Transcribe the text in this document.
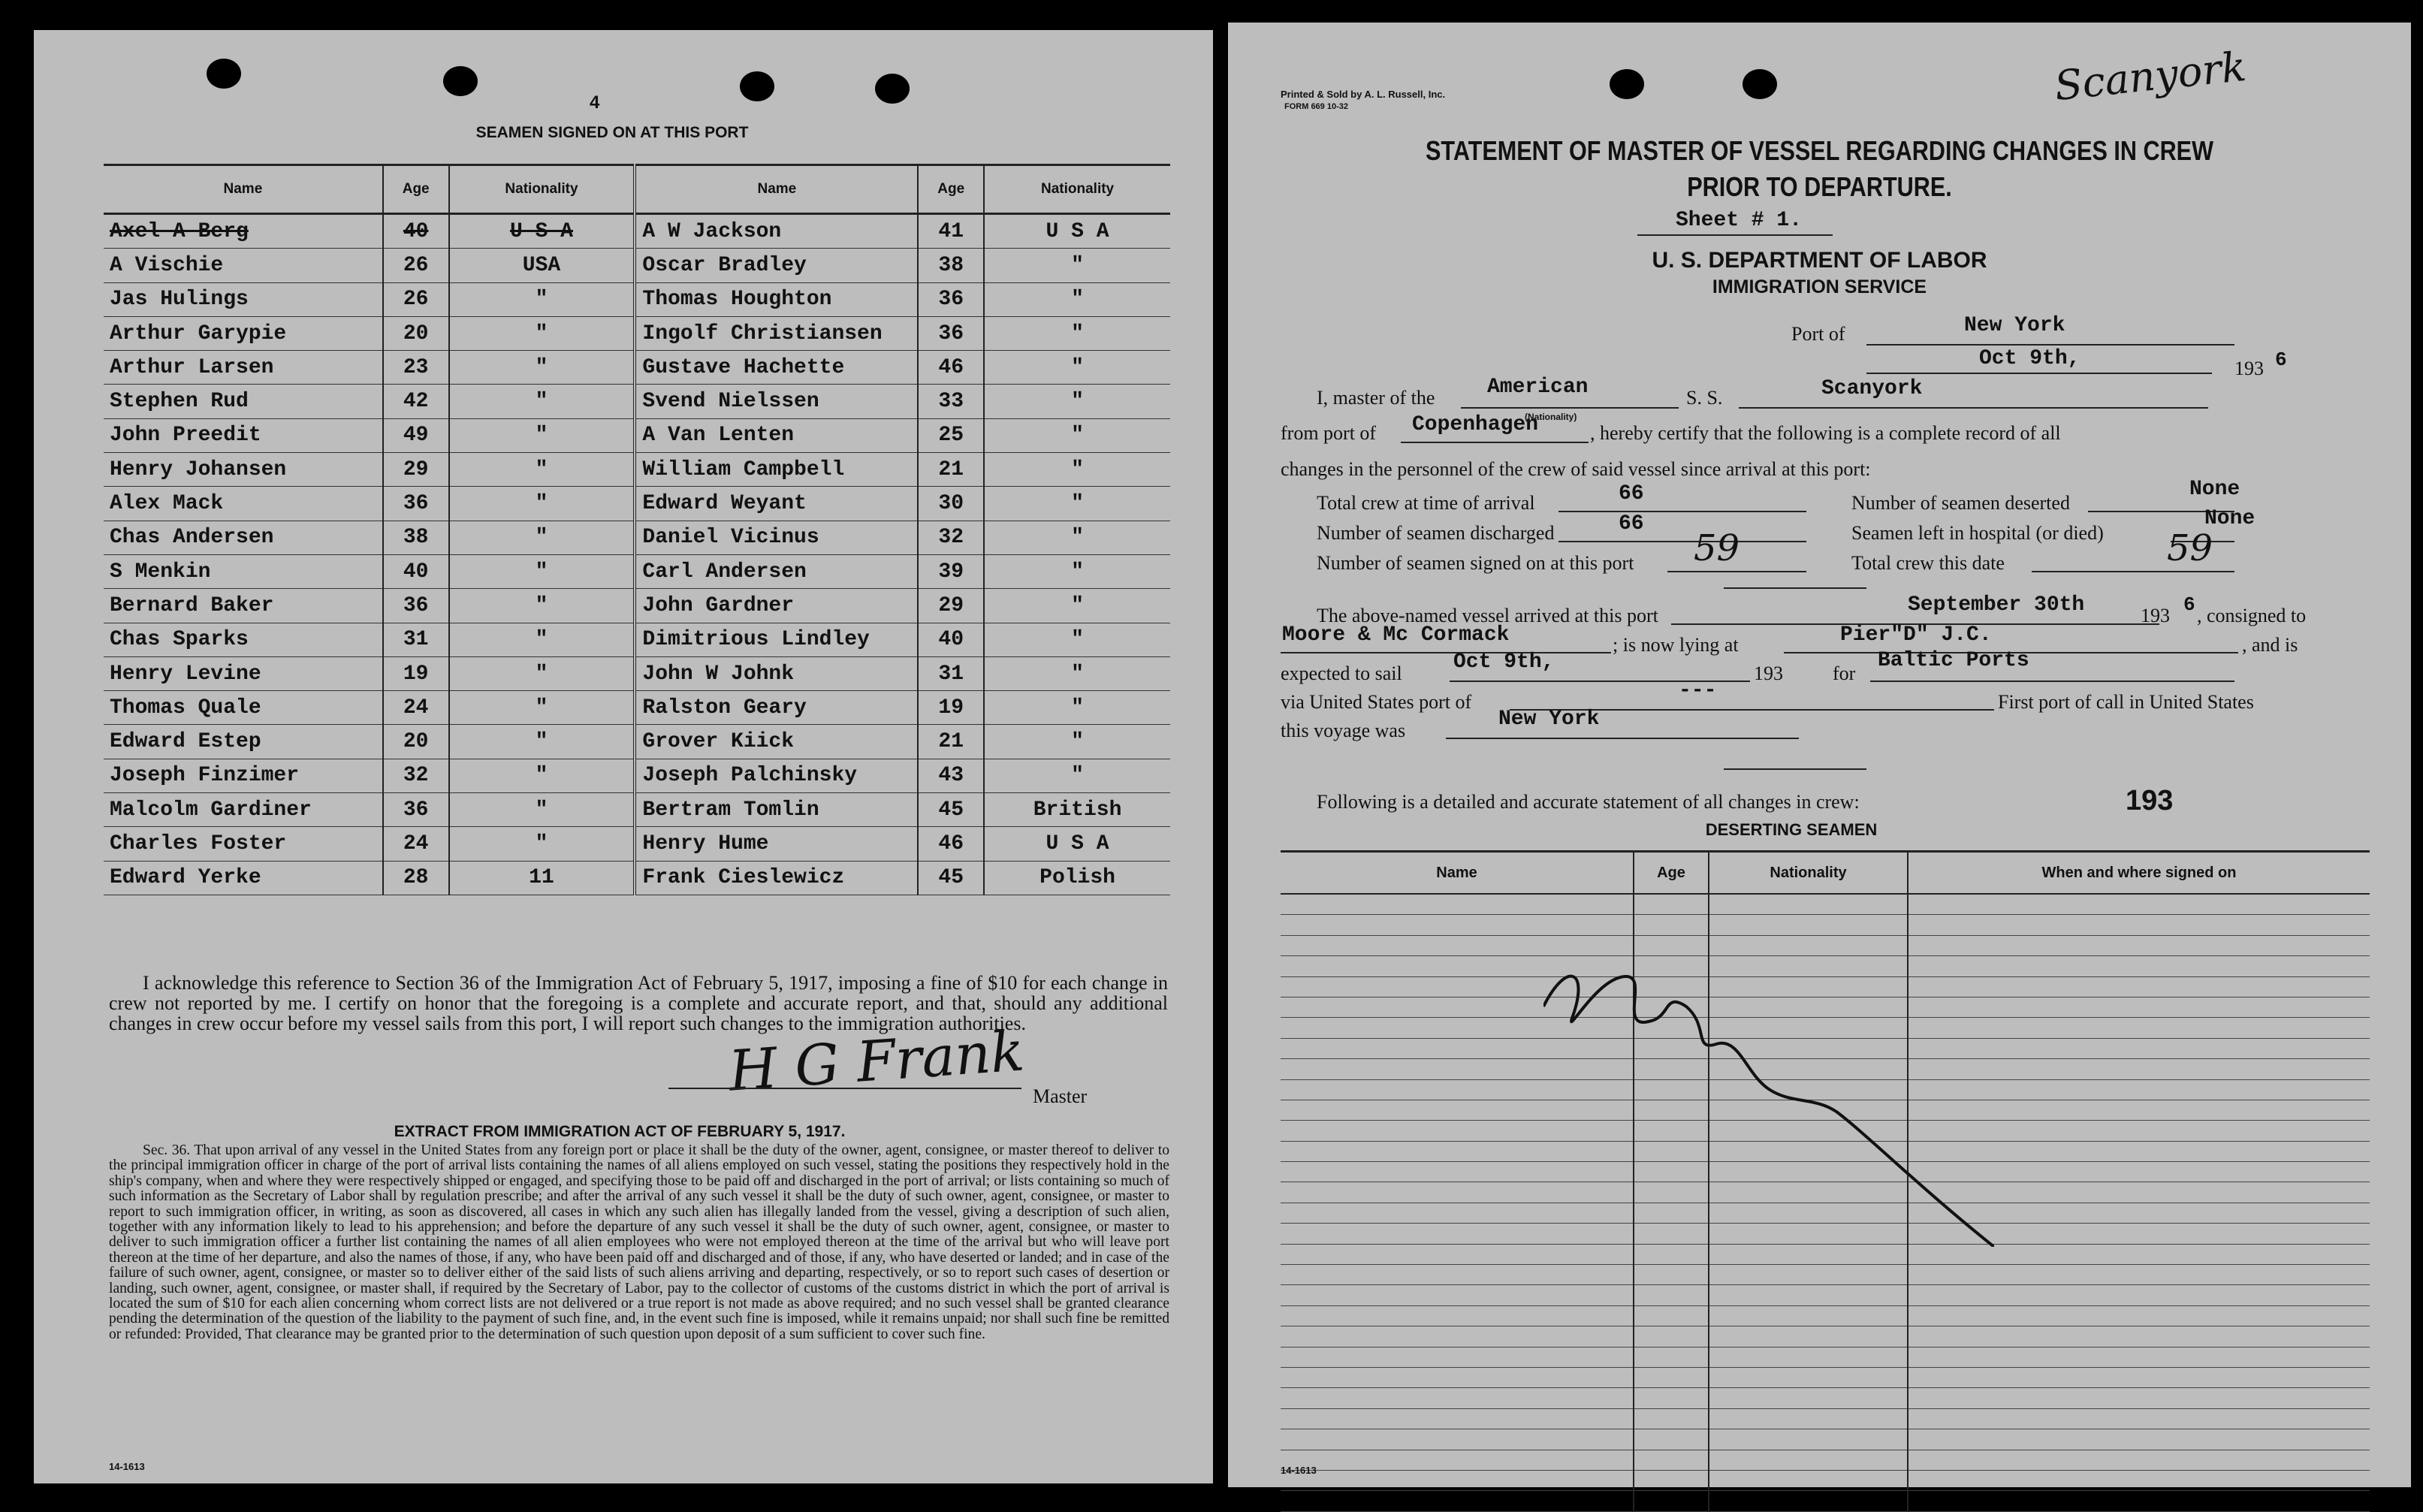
4
SEAMEN SIGNED ON AT THIS PORT
Name	Age	Nationality	Name	Age	Nationality
Axel A Berg	40	U S A	A W Jackson	41	U S A
A Vischie	26	USA	Oscar Bradley	38	"
Jas Hulings	26	"	Thomas Houghton	36	"
Arthur Garypie	20	"	Ingolf Christiansen	36	"
Arthur Larsen	23	"	Gustave Hachette	46	"
Stephen Rud	42	"	Svend Nielssen	33	"
John Preedit	49	"	A Van Lenten	25	"
Henry Johansen	29	"	William Campbell	21	"
Alex Mack	36	"	Edward Weyant	30	"
Chas Andersen	38	"	Daniel Vicinus	32	"
S Menkin	40	"	Carl Andersen	39	"
Bernard Baker	36	"	John Gardner	29	"
Chas Sparks	31	"	Dimitrious Lindley	40	"
Henry Levine	19	"	John W Johnk	31	"
Thomas Quale	24	"	Ralston Geary	19	"
Edward Estep	20	"	Grover Kiick	21	"
Joseph Finzimer	32	"	Joseph Palchinsky	43	"
Malcolm Gardiner	36	"	Bertram Tomlin	45	British
Charles Foster	24	"	Henry Hume	46	U S A
Edward Yerke	28	11	Frank Cieslewicz	45	Polish
I acknowledge this reference to Section 36 of the Immigration Act of February 5, 1917, imposing a fine of $10 for each change in crew not reported by me. I certify on honor that the foregoing is a complete and accurate report, and that, should any additional changes in crew occur before my vessel sails from this port, I will report such changes to the immigration authorities.
H G Frank Master
EXTRACT FROM IMMIGRATION ACT OF FEBRUARY 5, 1917.
Sec. 36. That upon arrival of any vessel in the United States from any foreign port or place it shall be the duty of the owner, agent, consignee, or master thereof to deliver to the principal immigration officer in charge of the port of arrival lists containing the names of all aliens employed on such vessel, stating the positions they respectively hold in the ship's company, when and where they were respectively shipped or engaged, and specifying those to be paid off and discharged in the port of arrival; or lists containing so much of such information as the Secretary of Labor shall by regulation prescribe; and after the arrival of any such vessel it shall be the duty of such owner, agent, consignee, or master to report to such immigration officer, in writing, as soon as discovered, all cases in which any such alien has illegally landed from the vessel, giving a description of such alien, together with any information likely to lead to his apprehension; and before the departure of any such vessel it shall be the duty of such owner, agent, consignee, or master to deliver to such immigration officer a further list containing the names of all alien employees who were not employed thereon at the time of the arrival but who will leave port thereon at the time of her departure, and also the names of those, if any, who have been paid off and discharged and of those, if any, who have deserted or landed; and in case of the failure of such owner, agent, consignee, or master so to deliver either of the said lists of such aliens arriving and departing, respectively, or so to report such cases of desertion or landing, such owner, agent, consignee, or master shall, if required by the Secretary of Labor, pay to the collector of customs of the customs district in which the port of arrival is located the sum of $10 for each alien concerning whom correct lists are not delivered or a true report is not made as above required; and no such vessel shall be granted clearance pending the determination of the question of the liability to the payment of such fine, and, in the event such fine is imposed, while it remains unpaid; nor shall such fine be remitted or refunded: Provided, That clearance may be granted prior to the determination of such question upon deposit of a sum sufficient to cover such fine.
14-1613
Printed & Sold by A. L. Russell, Inc.
FORM 669 10-32	Scanyork
STATEMENT OF MASTER OF VESSEL REGARDING CHANGES IN CREW
PRIOR TO DEPARTURE.
Sheet # 1.
U. S. DEPARTMENT OF LABOR
IMMIGRATION SERVICE
Port of	New York
Oct 9th,	193 6
I, master of the American	S. S.	Scanyork
from port of Copenhagen
(Nationality)
, hereby certify that the following is a complete record of all
changes in the personnel of the crew of said vessel since arrival at this port:
Total crew at time of arrival	66	Number of seamen deserted
None
Number of seamen discharged	66	Seamen left in hospital (or died)
None
Number of seamen signed on at this port 59	Total crew this date	59
The above-named vessel arrived at this port	September 30th	193 6 , consigned to
Moore & Mc Cormack	; is now lying at	Pier"D" J.C.	, and is
expected to sail Oct 9th,	193	for
Baltic Ports
via United States port of	---	First port of call in United States
this voyage was	New York
Following is a detailed and accurate statement of all changes in crew:	193
DESERTING SEAMEN
Name	Age	Nationality	When and where signed on

14-1613
